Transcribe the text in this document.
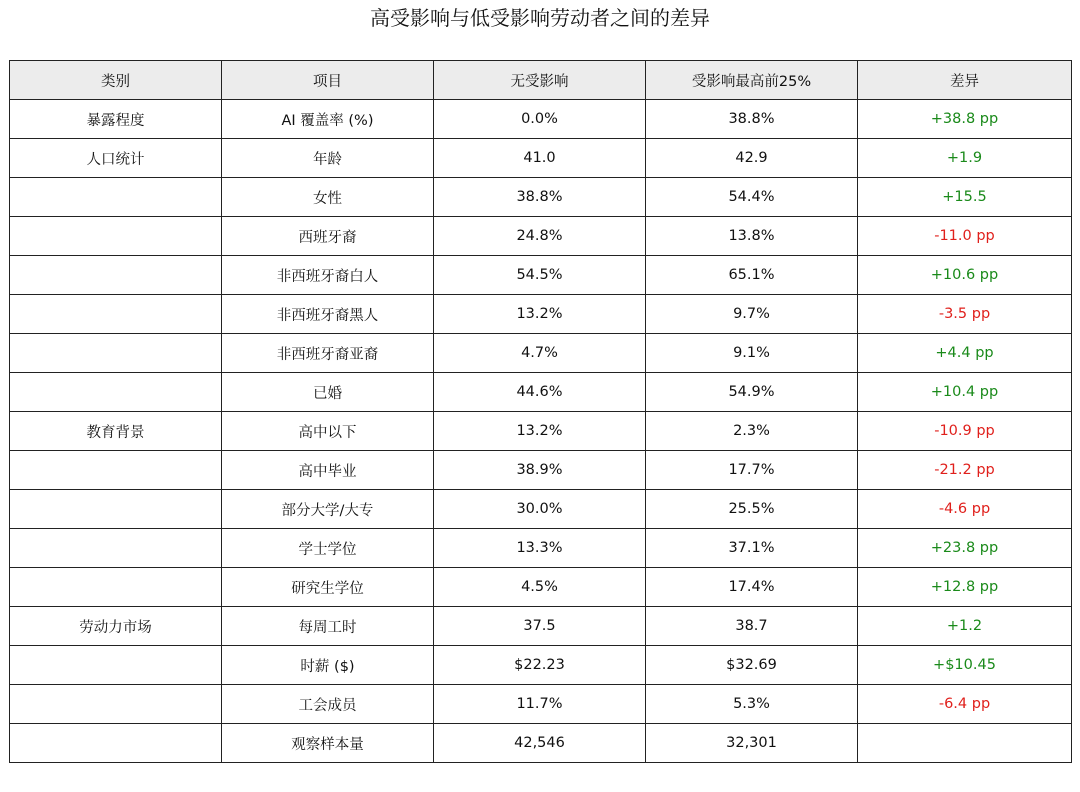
高受影响与低受影响劳动者之间的差异
类别	项目	无受影响	受影响最高前25%	差异
暴露程度	AI 覆盖率 (%)	0.0%	38.8%	+38.8 pp
人口统计	年龄	41.0	42.9	+1.9
	女性	38.8%	54.4%	+15.5
	西班牙裔	24.8%	13.8%	-11.0 pp
	非西班牙裔白人	54.5%	65.1%	+10.6 pp
	非西班牙裔黑人	13.2%	9.7%	-3.5 pp
	非西班牙裔亚裔	4.7%	9.1%	+4.4 pp
	已婚	44.6%	54.9%	+10.4 pp
教育背景	高中以下	13.2%	2.3%	-10.9 pp
	高中毕业	38.9%	17.7%	-21.2 pp
	部分大学/大专	30.0%	25.5%	-4.6 pp
	学士学位	13.3%	37.1%	+23.8 pp
	研究生学位	4.5%	17.4%	+12.8 pp
劳动力市场	每周工时	37.5	38.7	+1.2
	时薪 ($)	$22.23	$32.69	+$10.45
	工会成员	11.7%	5.3%	-6.4 pp
	观察样本量	42,546	32,301	
